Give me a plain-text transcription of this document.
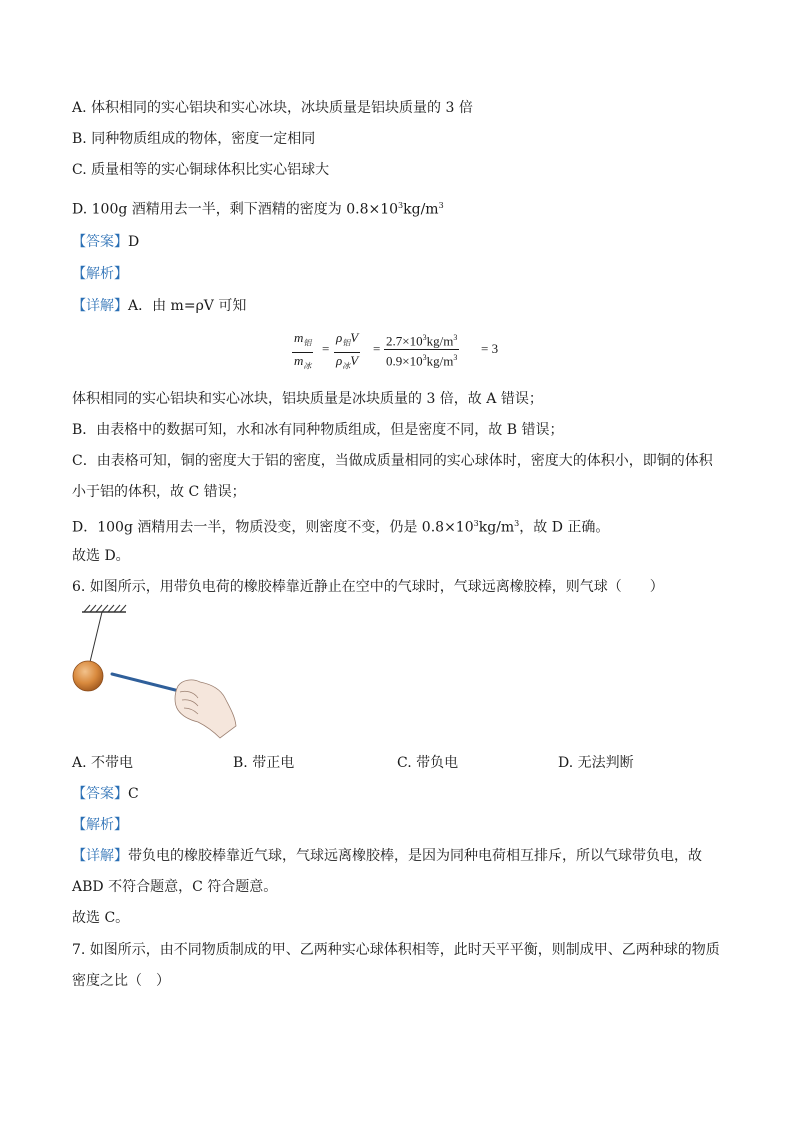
A. 体积相同的实心铝块和实心冰块，冰块质量是铝块质量的 3 倍
B. 同种物质组成的物体，密度一定相同
C. 质量相等的实心铜球体积比实心铝球大
D. 100g 酒精用去一半，剩下酒精的密度为 $0.8\times 10^3kg/m^3$
【答案】D
【解析】
【详解】A．由 m=ρV 可知
$m_铝$
$m_冰$
=
$\rho_铝V$
$\rho_冰V$
= $\frac{2.7\times 10^3kg/m^3}{0.9\times 10^3kg/m^3} = 3$
体积相同的实心铝块和实心冰块，铝块质量是冰块质量的 3 倍，故 A 错误；
B．由表格中的数据可知，水和冰有同种物质组成，但是密度不同，故 B 错误；
C．由表格可知，铜的密度大于铝的密度，当做成质量相同的实心球体时，密度大的体积小，即铜的体积
小于铝的体积，故 C 错误；
D．100g 酒精用去一半，物质没变，则密度不变，仍是 $0.8\times 10^3kg/m^3$，故 D 正确。
故选 D。
6. 如图所示，用带负电荷的橡胶棒靠近静止在空中的气球时，气球远离橡胶棒，则气球（　　）
A. 不带电	B. 带正电	C. 带负电	D. 无法判断
【答案】C
【解析】
【详解】带负电的橡胶棒靠近气球，气球远离橡胶棒，是因为同种电荷相互排斥，所以气球带负电，故
ABD 不符合题意，C 符合题意。
故选 C。
7. 如图所示，由不同物质制成的甲、乙两种实心球体积相等，此时天平平衡，则制成甲、乙两种球的物质
密度之比（　）
